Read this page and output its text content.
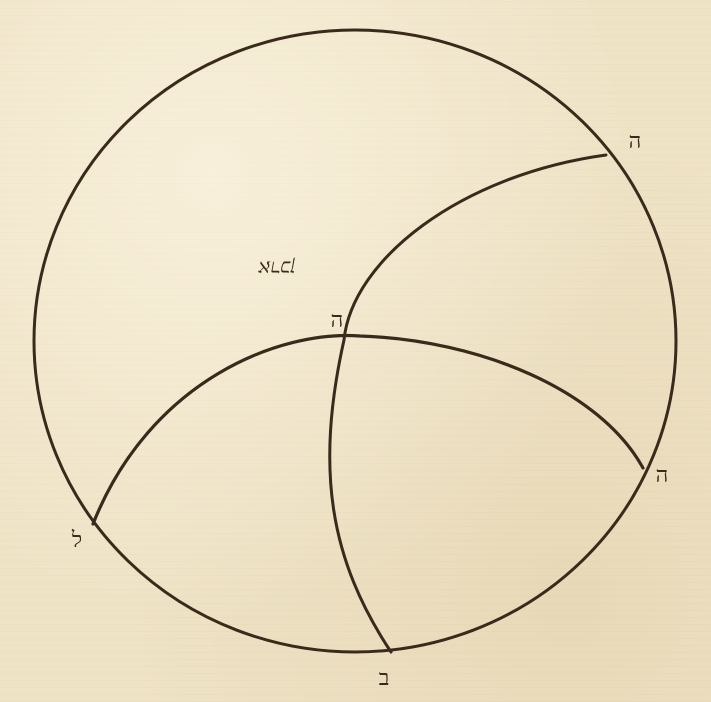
ה
ה
ה
ל
ב
ארכן
